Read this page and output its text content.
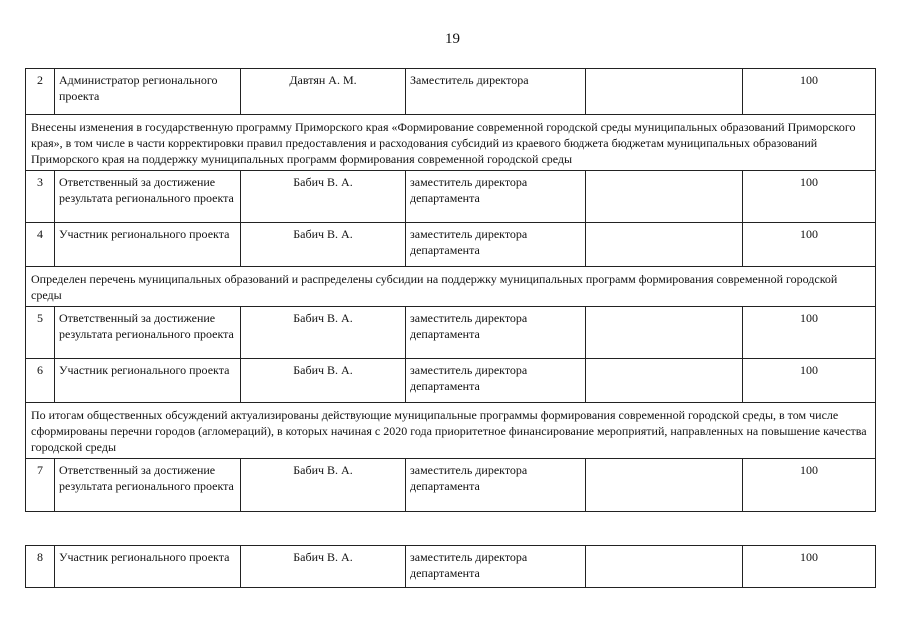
19
2	Администратор регионального проекта	Давтян А. М.	Заместитель директора		100
Внесены изменения в государственную программу Приморского края «Формирование современной городской среды муниципальных образований Приморского края», в том числе в части корректировки правил предоставления и расходования субсидий из краевого бюджета бюджетам муниципальных образований Приморского края на поддержку муниципальных программ формирования современной городской среды					
3	Ответственный за достижение результата регионального проекта	Бабич В. А.	заместитель директора департамента		100
4	Участник регионального проекта	Бабич В. А.	заместитель директора департамента		100
Определен перечень муниципальных образований и распределены субсидии на поддержку муниципальных программ формирования современной городской среды					
5	Ответственный за достижение результата регионального проекта	Бабич В. А.	заместитель директора департамента		100
6	Участник регионального проекта	Бабич В. А.	заместитель директора департамента		100
По итогам общественных обсуждений актуализированы действующие муниципальные программы формирования современной городской среды, в том числе сформированы перечни городов (агломераций), в которых начиная с 2020 года приоритетное финансирование мероприятий, направленных на повышение качества городской среды					
7	Ответственный за достижение результата регионального проекта	Бабич В. А.	заместитель директора департамента		100
8	Участник регионального проекта	Бабич В. А.	заместитель директора департамента		100
